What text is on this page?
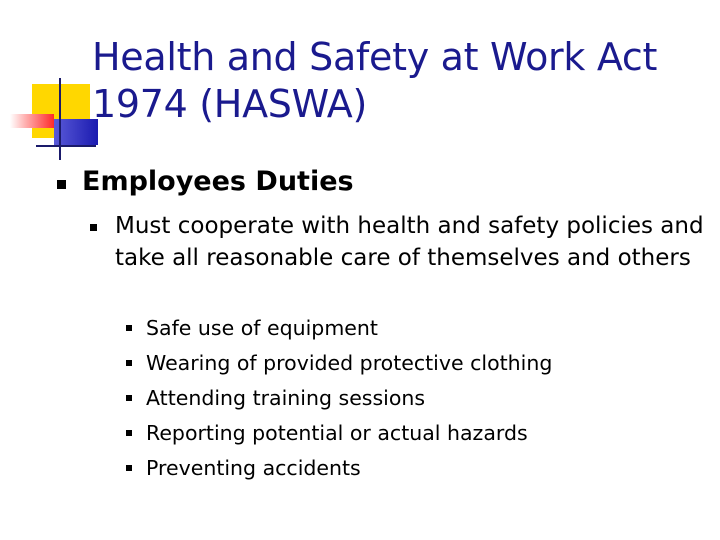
Health and Safety at Work Act 1974 (HASWA)
Employees Duties
Must cooperate with health and safety policies and take all reasonable care of themselves and others
Safe use of equipment
Wearing of provided protective clothing
Attending training sessions
Reporting potential or actual hazards
Preventing accidents
